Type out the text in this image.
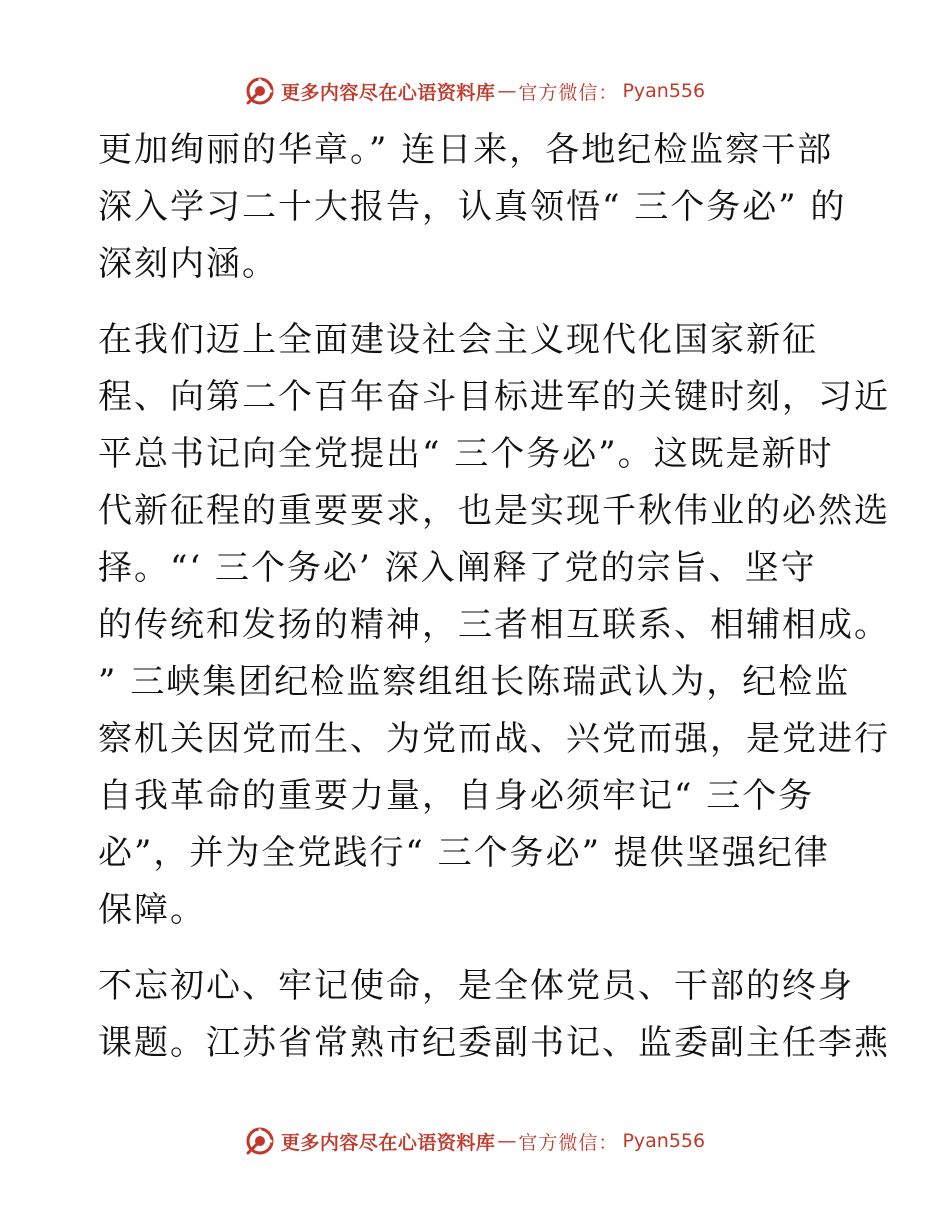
更多内容尽在心语资料库 — 官方微信： Pyan556
更加绚丽的华章。” 连日来，各地纪检监察干部
深入学习二十大报告，认真领悟“ 三个务必” 的
深刻内涵。
在我们迈上全面建设社会主义现代化国家新征
程、向第二个百年奋斗目标进军的关键时刻，习近
平总书记向全党提出“ 三个务必”。这既是新时
代新征程的重要要求，也是实现千秋伟业的必然选
择。“‘ 三个务必’ 深入阐释了党的宗旨、坚守
的传统和发扬的精神，三者相互联系、相辅相成。
” 三峡集团纪检监察组组长陈瑞武认为，纪检监
察机关因党而生、为党而战、兴党而强，是党进行
自我革命的重要力量，自身必须牢记“ 三个务
必”，并为全党践行“ 三个务必” 提供坚强纪律
保障。
不忘初心、牢记使命，是全体党员、干部的终身
课题。江苏省常熟市纪委副书记、监委副主任李燕
更多内容尽在心语资料库 — 官方微信： Pyan556
